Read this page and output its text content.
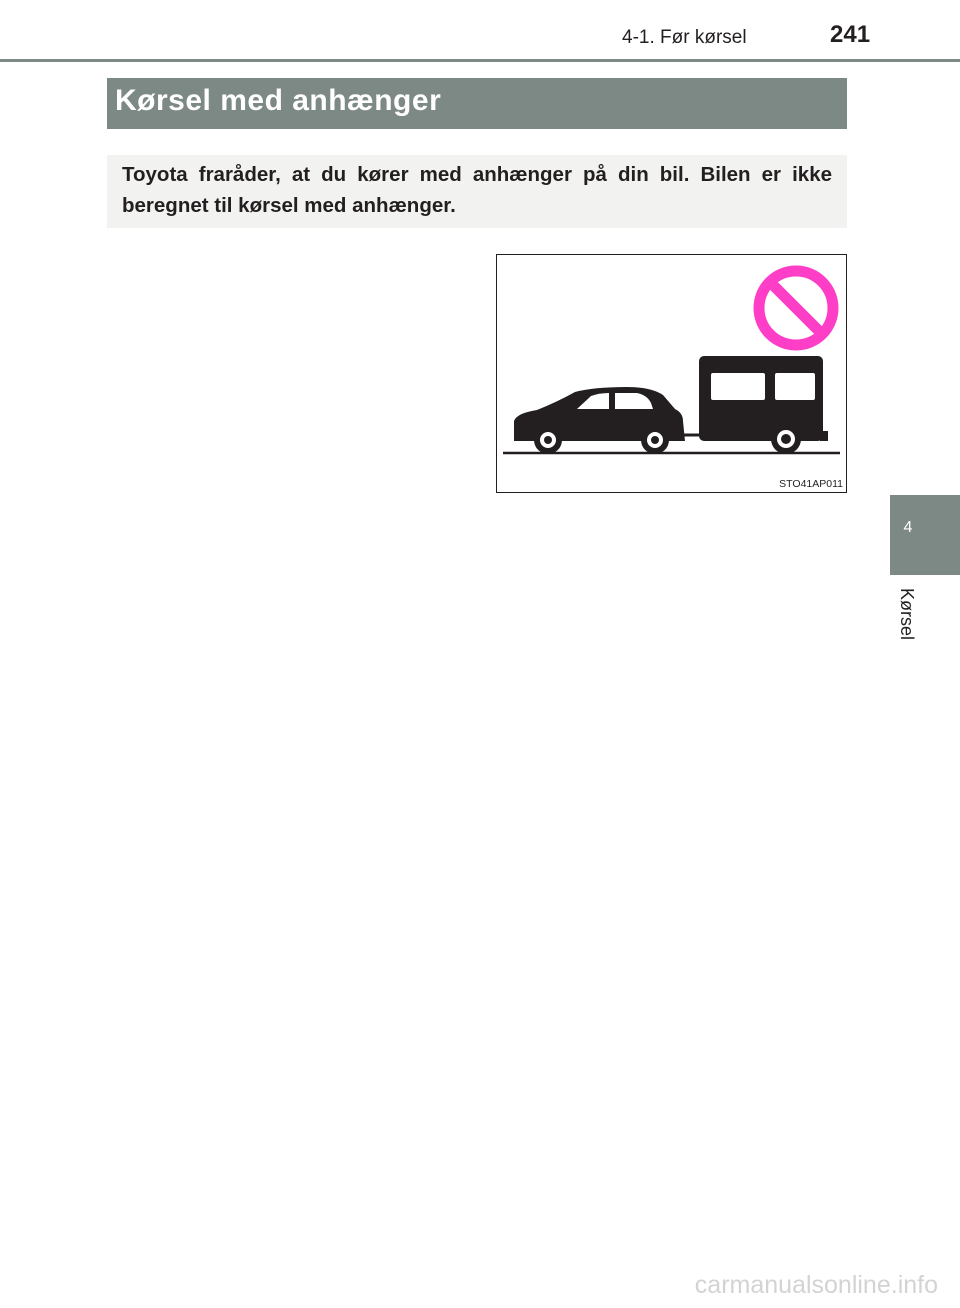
4-1. Før kørsel	241
Kørsel med anhænger

Toyota fraråder, at du kører med anhænger på din bil. Bilen er ikke beregnet til kørsel med anhænger.

STO41AP011
4
Kørsel
carmanualsonline.info
